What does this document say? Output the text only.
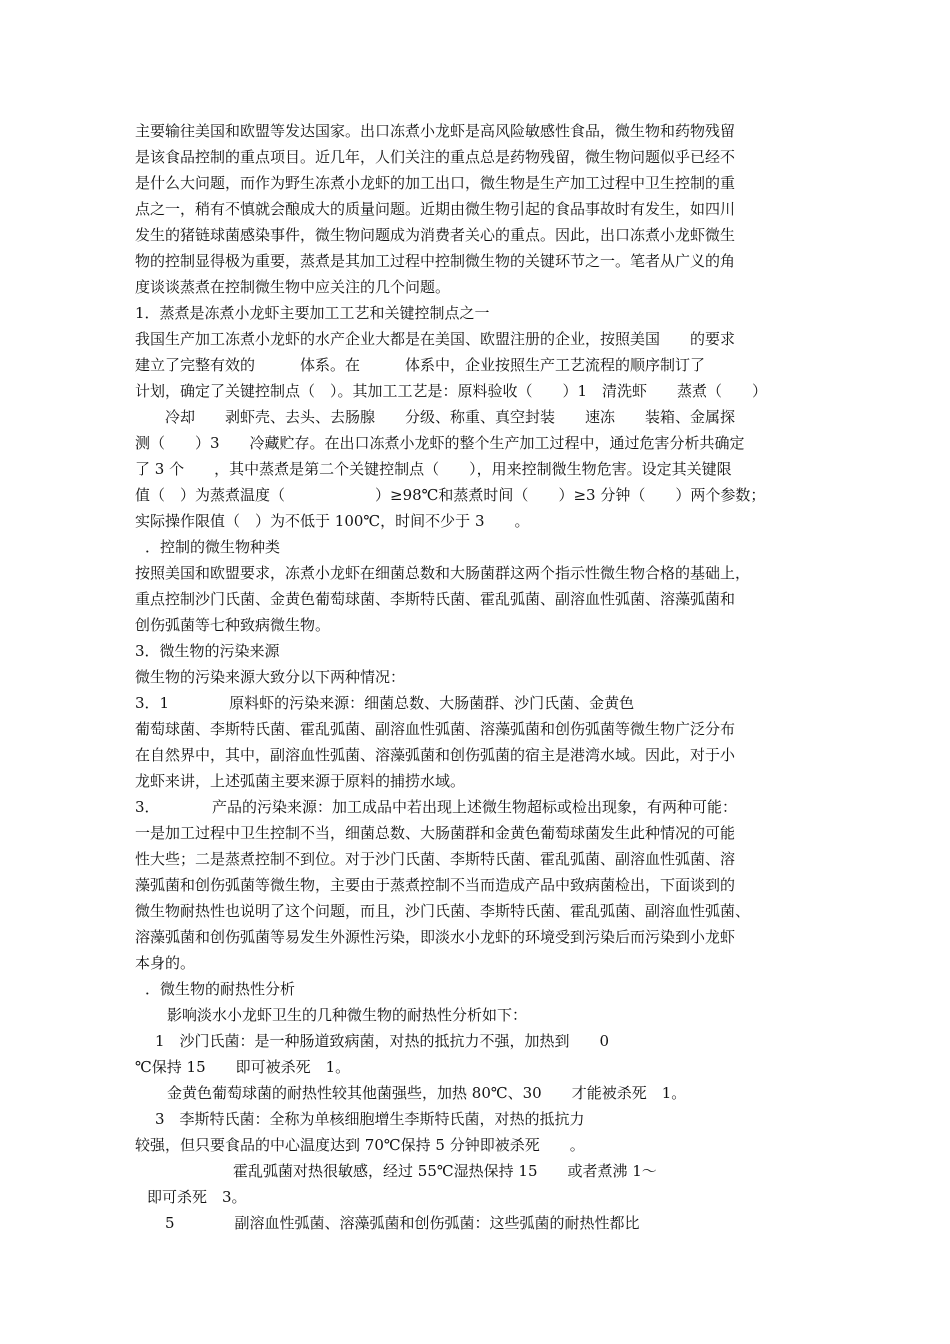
主要输往美国和欧盟等发达国家。出口冻煮小龙虾是高风险敏感性食品，微生物和药物残留
是该食品控制的重点项目。近几年，人们关注的重点总是药物残留，微生物问题似乎已经不
是什么大问题，而作为野生冻煮小龙虾的加工出口，微生物是生产加工过程中卫生控制的重
点之一，稍有不慎就会酿成大的质量问题。近期由微生物引起的食品事故时有发生，如四川
发生的猪链球菌感染事件，微生物问题成为消费者关心的重点。因此，出口冻煮小龙虾微生
物的控制显得极为重要，蒸煮是其加工过程中控制微生物的关键环节之一。笔者从广义的角
度谈谈蒸煮在控制微生物中应关注的几个问题。
1．蒸煮是冻煮小龙虾主要加工工艺和关键控制点之一
我国生产加工冻煮小龙虾的水产企业大都是在美国、欧盟注册的企业，按照美国　　的要求
建立了完整有效的　　　体系。在　　　体系中，企业按照生产工艺流程的顺序制订了
计划，确定了关键控制点（　）。其加工工艺是：原料验收（　　）1　清洗虾　　蒸煮（　　）
　　冷却　　剥虾壳、去头、去肠腺　　分级、称重、真空封装　　速冻　　装箱、金属探
测（　　）3　　冷藏贮存。在出口冻煮小龙虾的整个生产加工过程中，通过危害分析共确定
了 3 个　　，其中蒸煮是第二个关键控制点（　　），用来控制微生物危害。设定其关键限
值（　）为蒸煮温度（　　　　　　）≥98℃和蒸煮时间（　　）≥3 分钟（　　）两个参数；
实际操作限值（　）为不低于 100℃，时间不少于 3　　。
．控制的微生物种类
按照美国和欧盟要求，冻煮小龙虾在细菌总数和大肠菌群这两个指示性微生物合格的基础上，
重点控制沙门氏菌、金黄色葡萄球菌、李斯特氏菌、霍乱弧菌、副溶血性弧菌、溶藻弧菌和
创伤弧菌等七种致病微生物。
3．微生物的污染来源
微生物的污染来源大致分以下两种情况：
3．1　　　　原料虾的污染来源：细菌总数、大肠菌群、沙门氏菌、金黄色
葡萄球菌、李斯特氏菌、霍乱弧菌、副溶血性弧菌、溶藻弧菌和创伤弧菌等微生物广泛分布
在自然界中，其中，副溶血性弧菌、溶藻弧菌和创伤弧菌的宿主是港湾水域。因此，对于小
龙虾来讲，上述弧菌主要来源于原料的捕捞水域。
3．　　　　产品的污染来源：加工成品中若出现上述微生物超标或检出现象，有两种可能：
一是加工过程中卫生控制不当，细菌总数、大肠菌群和金黄色葡萄球菌发生此种情况的可能
性大些；二是蒸煮控制不到位。对于沙门氏菌、李斯特氏菌、霍乱弧菌、副溶血性弧菌、溶
藻弧菌和创伤弧菌等微生物，主要由于蒸煮控制不当而造成产品中致病菌检出，下面谈到的
微生物耐热性也说明了这个问题，而且，沙门氏菌、李斯特氏菌、霍乱弧菌、副溶血性弧菌、
溶藻弧菌和创伤弧菌等易发生外源性污染，即淡水小龙虾的环境受到污染后而污染到小龙虾
本身的。
．微生物的耐热性分析
影响淡水小龙虾卫生的几种微生物的耐热性分析如下：
1　沙门氏菌：是一种肠道致病菌，对热的抵抗力不强，加热到　　0
℃保持 15　　即可被杀死　1。
金黄色葡萄球菌的耐热性较其他菌强些，加热 80℃、30　　才能被杀死　1。
3　李斯特氏菌：全称为单核细胞增生李斯特氏菌，对热的抵抗力
较强，但只要食品的中心温度达到 70℃保持 5 分钟即被杀死　　。
霍乱弧菌对热很敏感，经过 55℃湿热保持 15　　或者煮沸 1～
即可杀死　3。
5　　　　副溶血性弧菌、溶藻弧菌和创伤弧菌：这些弧菌的耐热性都比
